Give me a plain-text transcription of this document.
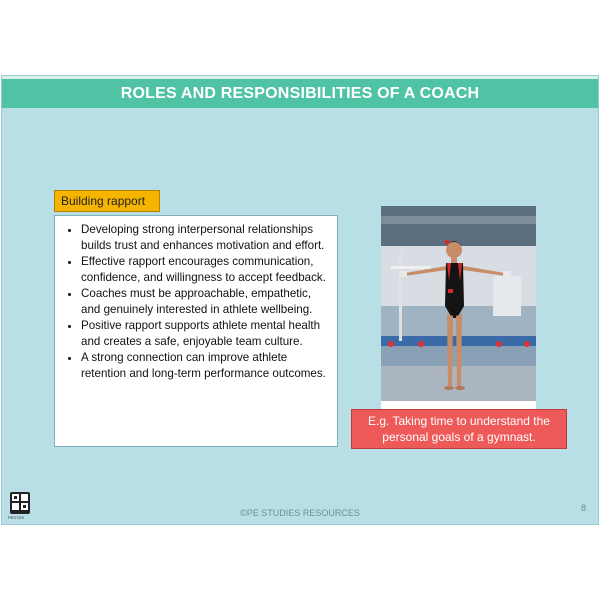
ROLES AND RESPONSIBILITIES OF A COACH
Building rapport
• Developing strong interpersonal relationships builds trust and enhances motivation and effort.
• Effective rapport encourages communication, confidence, and willingness to accept feedback.
• Coaches must be approachable, empathetic, and genuinely interested in athlete wellbeing.
• Positive rapport supports athlete mental health and creates a safe, enjoyable team culture.
• A strong connection can improve athlete retention and long-term performance outcomes.
E.g. Taking time to understand the personal goals of a gymnast.
PESTDS	©PE STUDIES RESOURCES	8
